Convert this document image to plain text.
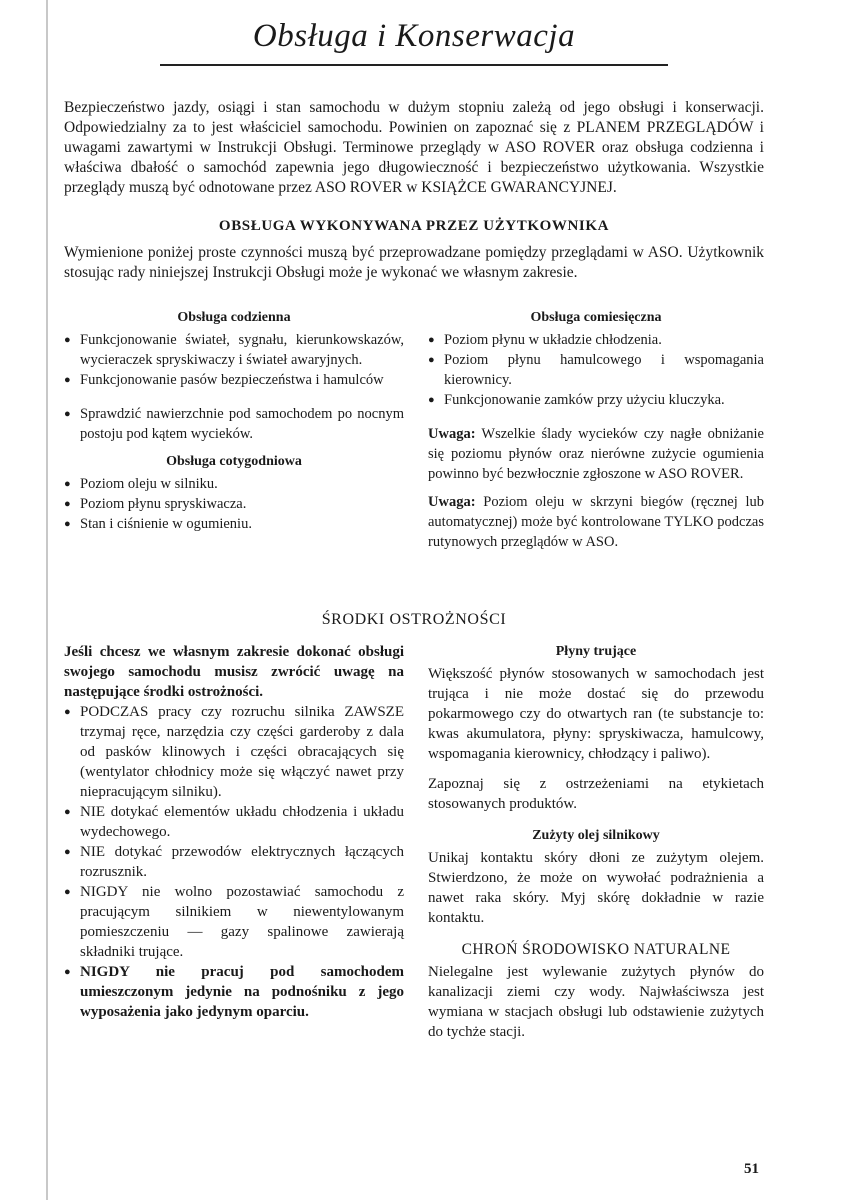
Obsługa i Konserwacja
Bezpieczeństwo jazdy, osiągi i stan samochodu w dużym stopniu zależą od jego obsługi i konserwacji. Odpowiedzialny za to jest właściciel samochodu. Powinien on zapoznać się z PLANEM PRZEGLĄDÓW i uwagami zawartymi w Instrukcji Obsługi. Terminowe przeglądy w ASO ROVER oraz obsługa codzienna i właściwa dbałość o samochód zapewnia jego długowieczność i bezpieczeństwo użytkowania. Wszystkie przeglądy muszą być odnotowane przez ASO ROVER w KSIĄŻCE GWARANCYJNEJ.
OBSŁUGA WYKONYWANA PRZEZ UŻYTKOWNIKA
Wymienione poniżej proste czynności muszą być przeprowadzane pomiędzy przeglądami w ASO. Użytkownik stosując rady niniejszej Instrukcji Obsługi może je wykonać we własnym zakresie.
Obsługa codzienna
● Funkcjonowanie świateł, sygnału, kierunkowskazów, wycieraczek spryskiwaczy i świateł awaryjnych.
● Funkcjonowanie pasów bezpieczeństwa i hamulców
● Sprawdzić nawierzchnie pod samochodem po nocnym postoju pod kątem wycieków.
Obsługa cotygodniowa
● Poziom oleju w silniku.
● Poziom płynu spryskiwacza.
● Stan i ciśnienie w ogumieniu.
Obsługa comiesięczna
● Poziom płynu w układzie chłodzenia.
● Poziom płynu hamulcowego i wspomagania kierownicy.
● Funkcjonowanie zamków przy użyciu kluczyka.
Uwaga: Wszelkie ślady wycieków czy nagłe obniżanie się poziomu płynów oraz nierówne zużycie ogumienia powinno być bezwłocznie zgłoszone w ASO ROVER.
Uwaga: Poziom oleju w skrzyni biegów (ręcznej lub automatycznej) może być kontrolowane TYLKO podczas rutynowych przeglądów w ASO.
ŚRODKI OSTROŻNOŚCI
Jeśli chcesz we własnym zakresie dokonać obsługi swojego samochodu musisz zwrócić uwagę na następujące środki ostrożności.
● PODCZAS pracy czy rozruchu silnika ZAWSZE trzymaj ręce, narzędzia czy części garderoby z dala od pasków klinowych i części obracających się (wentylator chłodnicy może się włączyć nawet przy niepracującym silniku).
● NIE dotykać elementów układu chłodzenia i układu wydechowego.
● NIE dotykać przewodów elektrycznych łączących rozrusznik.
● NIGDY nie wolno pozostawiać samochodu z pracującym silnikiem w niewentylowanym pomieszczeniu — gazy spalinowe zawierają składniki trujące.
● NIGDY nie pracuj pod samochodem umieszczonym jedynie na podnośniku z jego wyposażenia jako jedynym oparciu.
Płyny trujące
Większość płynów stosowanych w samochodach jest trująca i nie może dostać się do przewodu pokarmowego czy do otwartych ran (te substancje to: kwas akumulatora, płyny: spryskiwacza, hamulcowy, wspomagania kierownicy, chłodzący i paliwo).
Zapoznaj się z ostrzeżeniami na etykietach stosowanych produktów.
Zużyty olej silnikowy
Unikaj kontaktu skóry dłoni ze zużytym olejem. Stwierdzono, że może on wywołać podrażnienia a nawet raka skóry. Myj skórę dokładnie w razie kontaktu.
CHROŃ ŚRODOWISKO NATURALNE
Nielegalne jest wylewanie zużytych płynów do kanalizacji ziemi czy wody. Najwłaściwsza jest wymiana w stacjach obsługi lub odstawienie zużytych do tychże stacji.
51
